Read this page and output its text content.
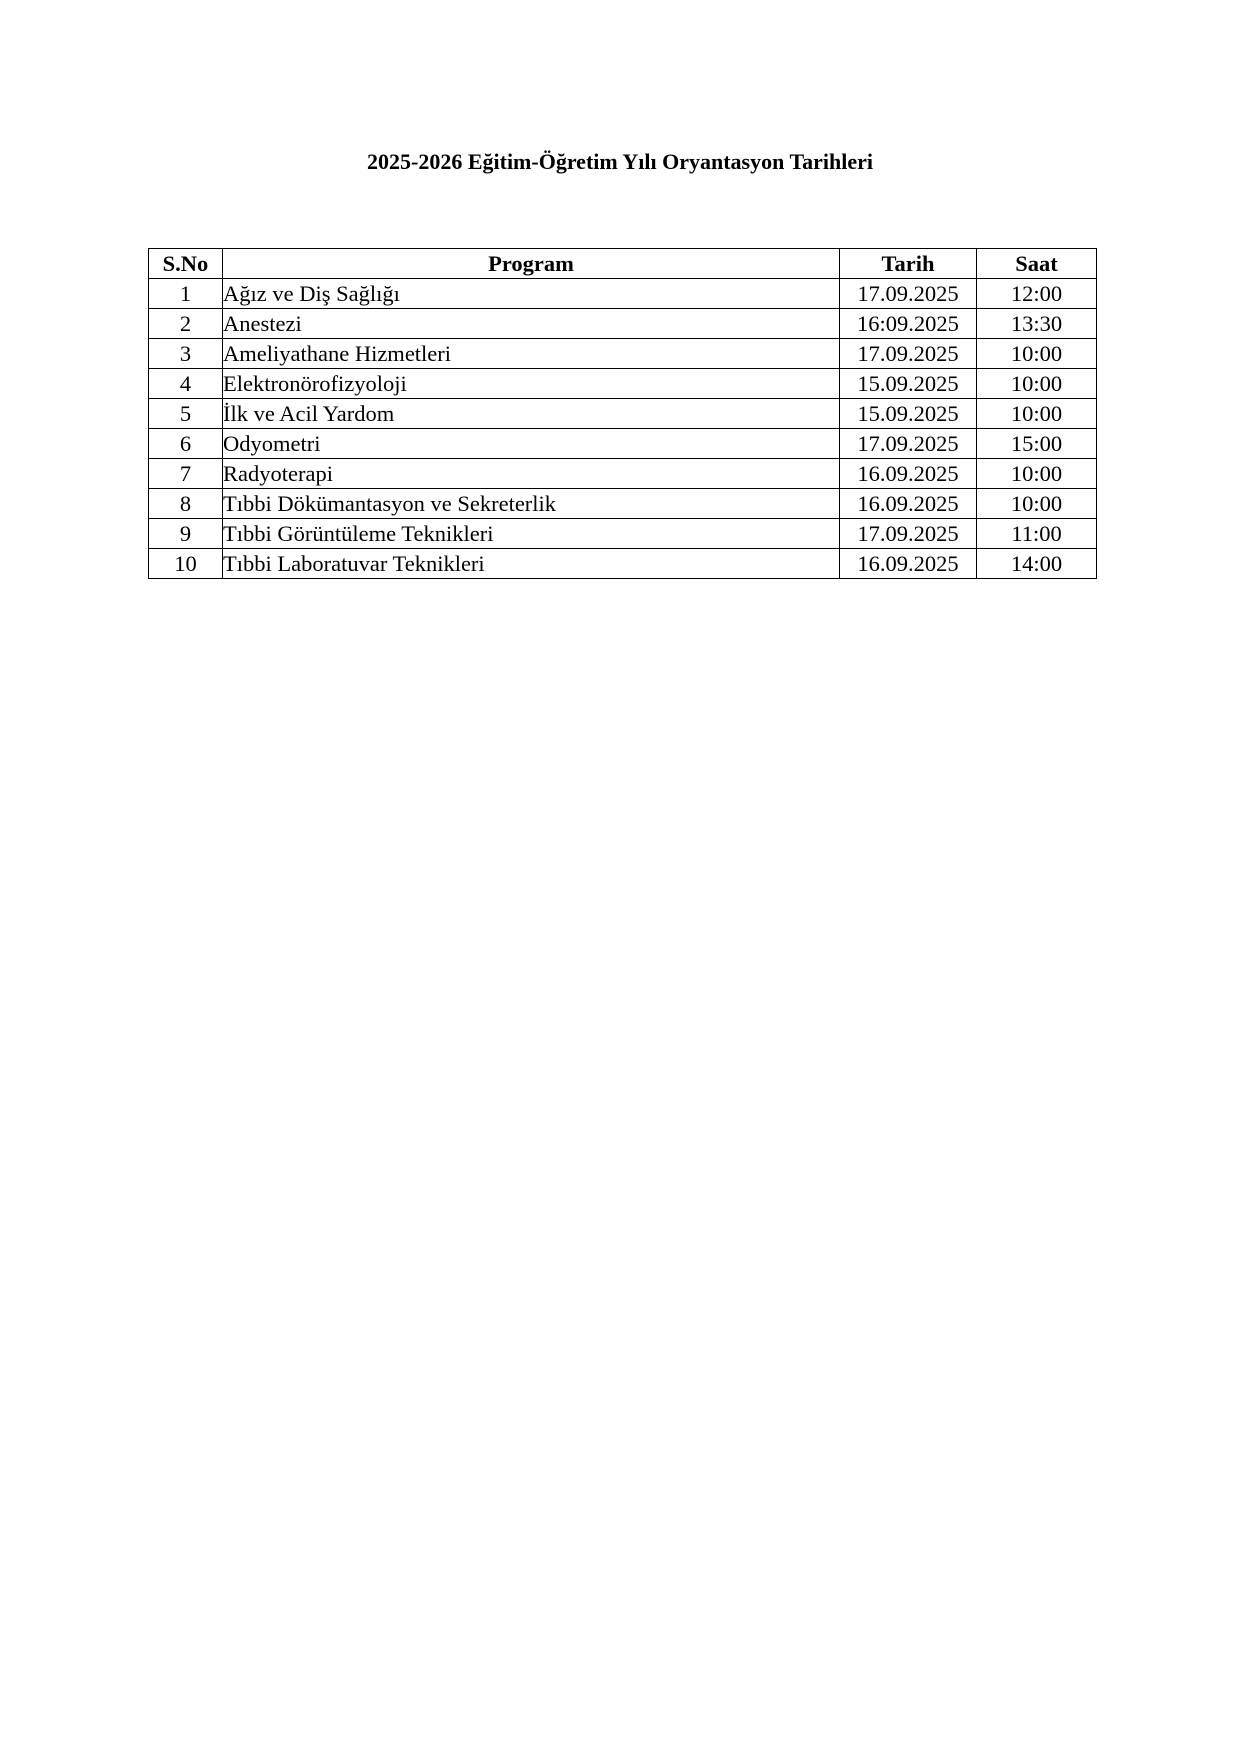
2025-2026 Eğitim-Öğretim Yılı Oryantasyon Tarihleri
S.No	Program	Tarih	Saat
1	Ağız ve Diş Sağlığı	17.09.2025	12:00
2	Anestezi	16:09.2025	13:30
3	Ameliyathane Hizmetleri	17.09.2025	10:00
4	Elektronörofizyoloji	15.09.2025	10:00
5	İlk ve Acil Yardom	15.09.2025	10:00
6	Odyometri	17.09.2025	15:00
7	Radyoterapi	16.09.2025	10:00
8	Tıbbi Dökümantasyon ve Sekreterlik	16.09.2025	10:00
9	Tıbbi Görüntüleme Teknikleri	17.09.2025	11:00
10	Tıbbi Laboratuvar Teknikleri	16.09.2025	14:00
